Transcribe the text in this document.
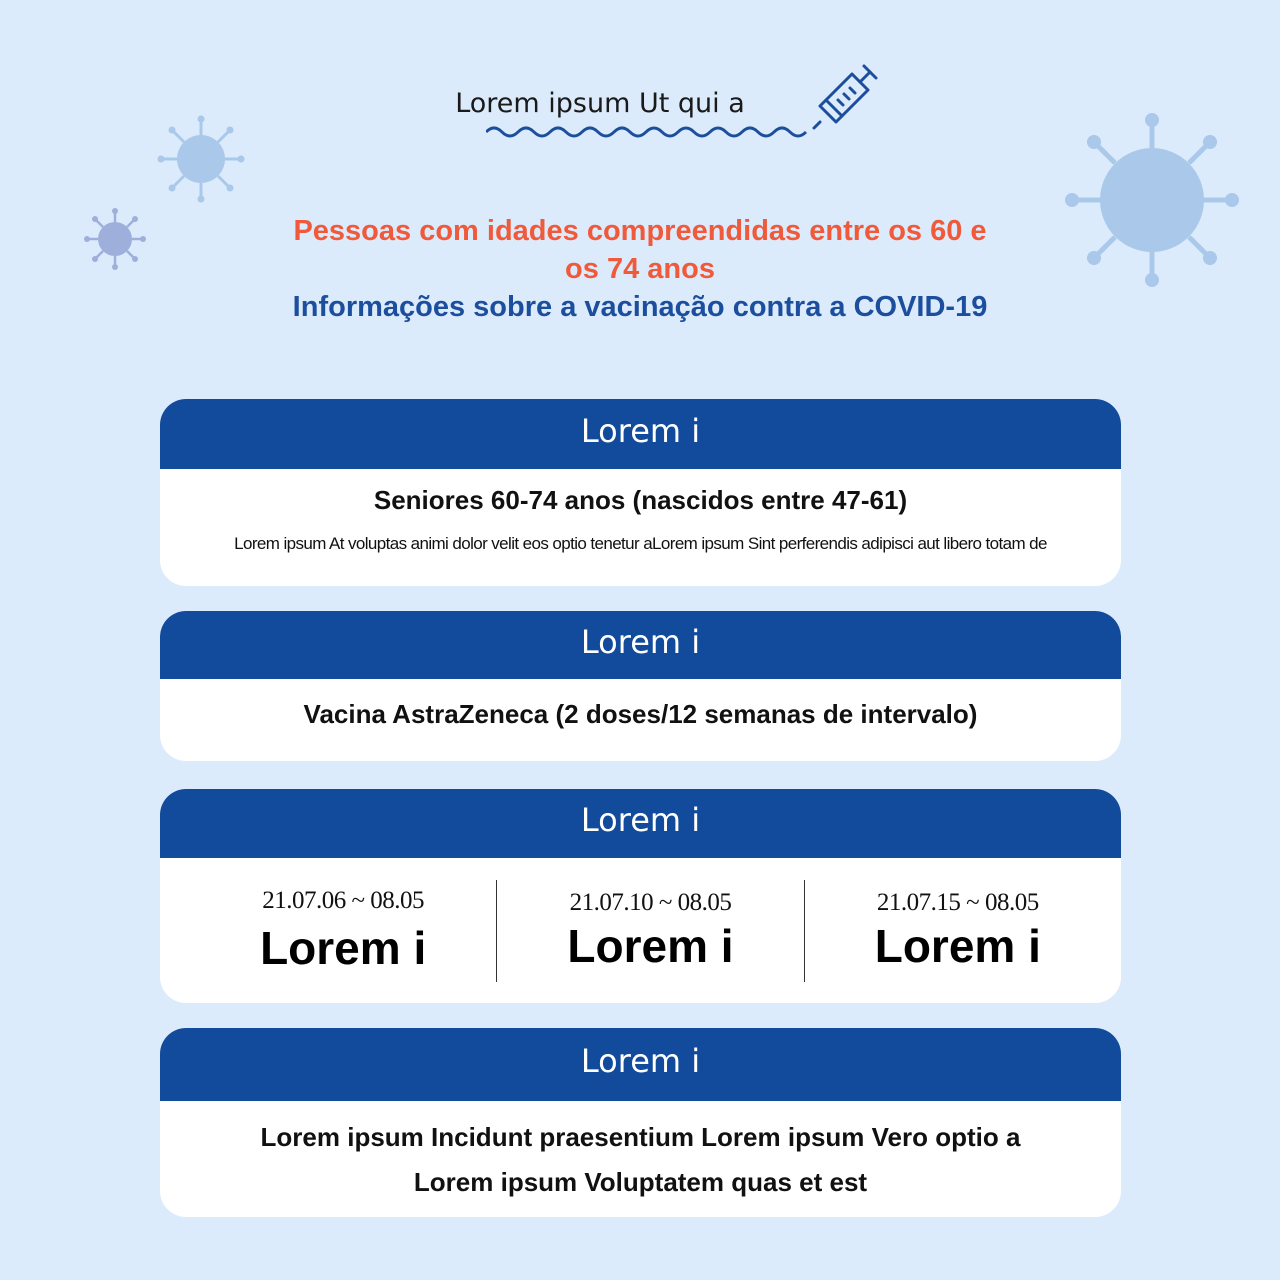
Lorem ipsum Ut qui a
Pessoas com idades compreendidas entre os 60 e
os 74 anos
Informações sobre a vacinação contra a COVID-19
Lorem i
Seniores 60-74 anos (nascidos entre 47-61)
Lorem ipsum At voluptas animi dolor velit eos optio tenetur aLorem ipsum Sint perferendis adipisci aut libero totam de
Lorem i
Vacina AstraZeneca (2 doses/12 semanas de intervalo)
Lorem i
21.07.06 ~ 08.05
Lorem i
21.07.10 ~ 08.05
Lorem i
21.07.15 ~ 08.05
Lorem i
Lorem i
Lorem ipsum Incidunt praesentium Lorem ipsum Vero optio a
Lorem ipsum Voluptatem quas et est
